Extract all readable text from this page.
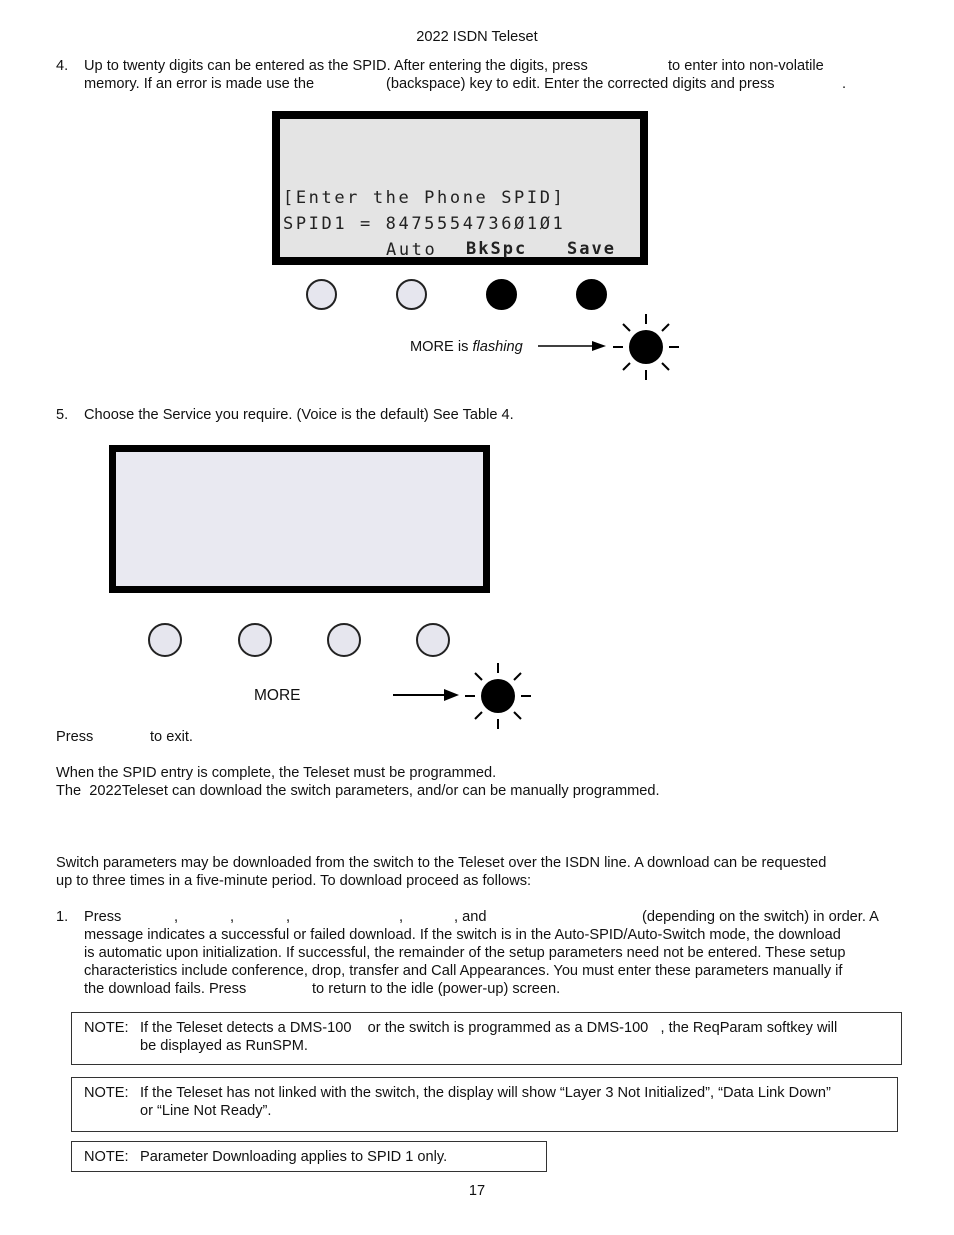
2022 ISDN Teleset
4. Up to twenty digits can be entered as the SPID. After entering the digits, press	to enter into non-volatile
memory. If an error is made use the	(backspace) key to edit. Enter the corrected digits and press	.
[Enter the Phone SPID]
SPID1 = 8475554736Ø1Ø1
Auto BkSpc Save
MORE is flashing
5. Choose the Service you require. (Voice is the default) See Table 4.
MORE
Press	to exit.
When the SPID entry is complete, the Teleset must be programmed.
The  2022Teleset can download the switch parameters, and/or can be manually programmed.
Switch parameters may be downloaded from the switch to the Teleset over the ISDN line. A download can be requested
up to three times in a five-minute period. To download proceed as follows:
1. Press	,	,	,	,	, and	(depending on the switch) in order. A
message indicates a successful or failed download. If the switch is in the Auto-SPID/Auto-Switch mode, the download
is automatic upon initialization. If successful, the remainder of the setup parameters need not be entered. These setup
characteristics include conference, drop, transfer and Call Appearances. You must enter these parameters manually if
the download fails. Press	to return to the idle (power-up) screen.
NOTE: If the Teleset detects a DMS-100    or the switch is programmed as a DMS-100   , the ReqParam softkey will
be displayed as RunSPM.
NOTE: If the Teleset has not linked with the switch, the display will show “Layer 3 Not Initialized”, “Data Link Down”
or “Line Not Ready”.
NOTE: Parameter Downloading applies to SPID 1 only.
17
